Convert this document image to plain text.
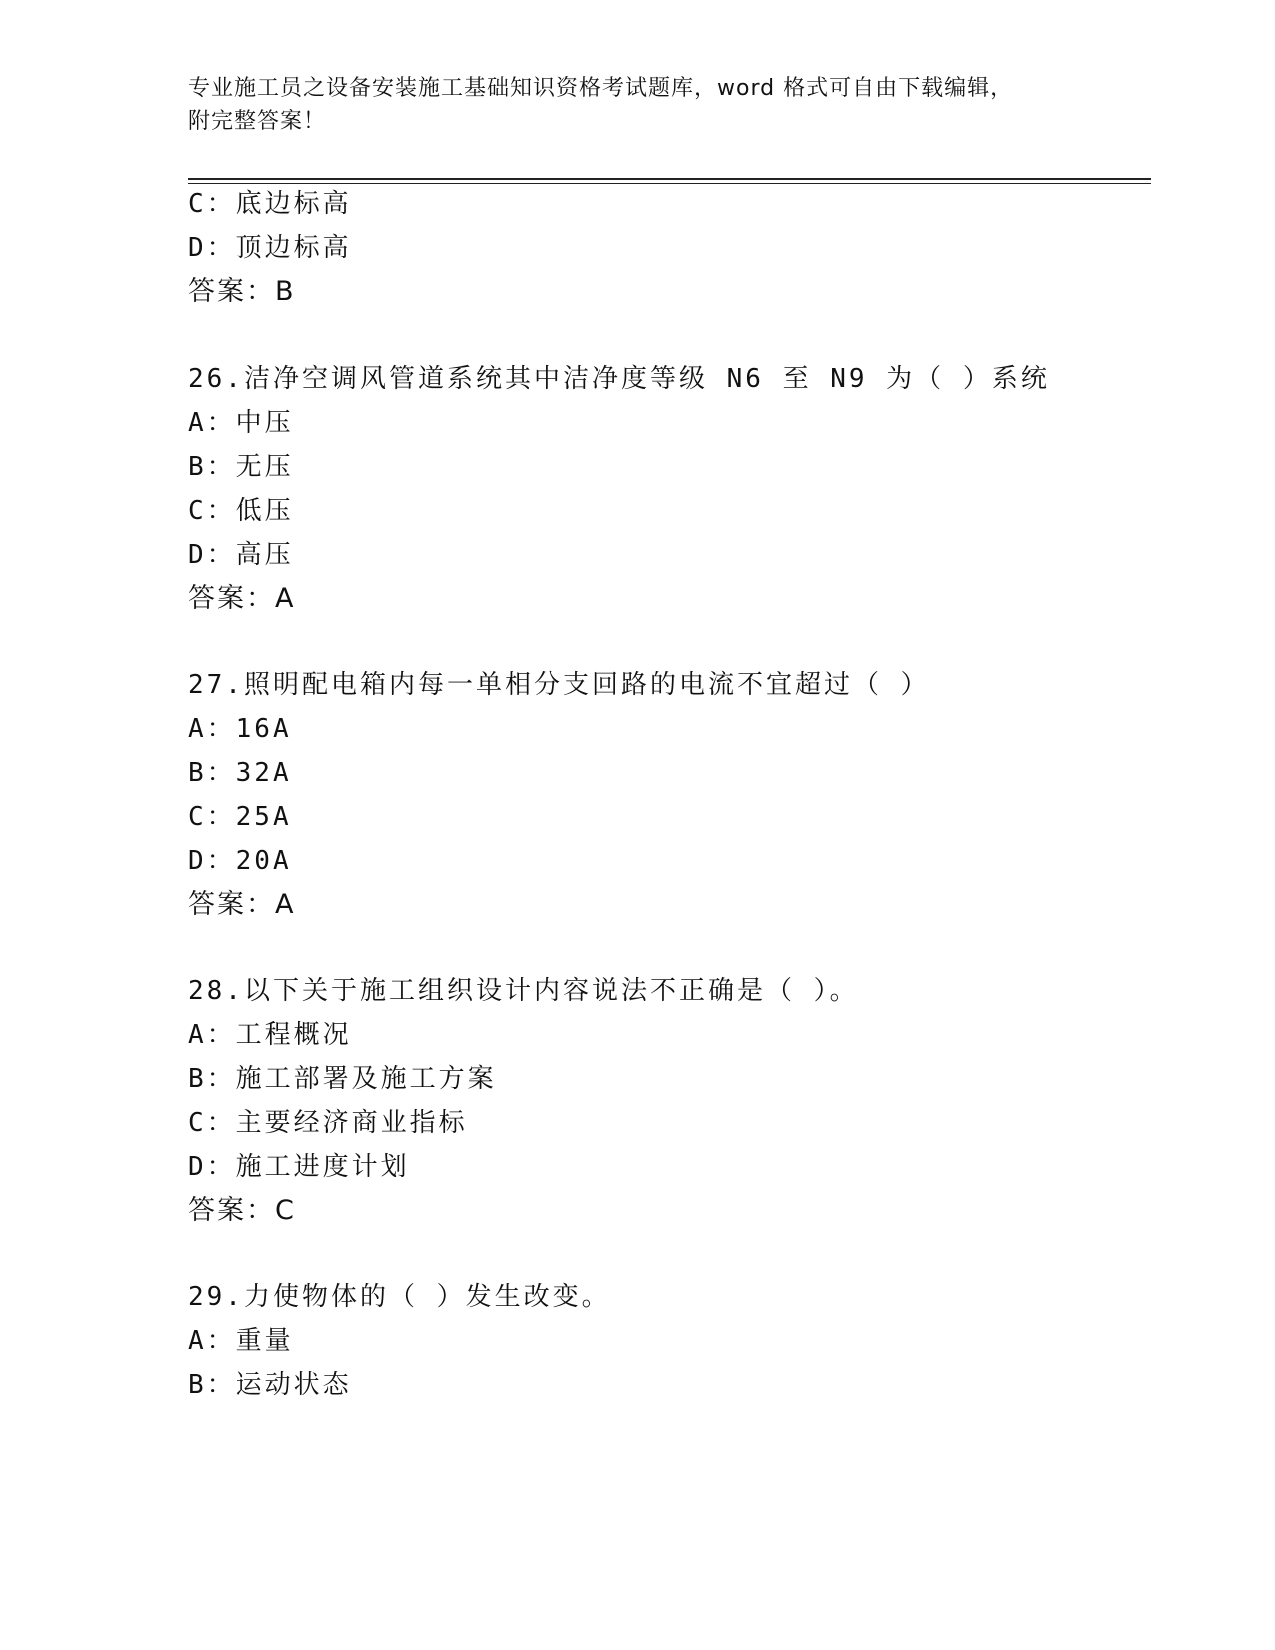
专业施工员之设备安装施工基础知识资格考试题库，word 格式可自由下载编辑，
附完整答案！
C：底边标高
D：顶边标高
答案：B
26.洁净空调风管道系统其中洁净度等级 N6 至 N9 为（ ）系统
A：中压
B：无压
C：低压
D：高压
答案：A
27.照明配电箱内每一单相分支回路的电流不宜超过（ ）
A：16A
B：32A
C：25A
D：20A
答案：A
28.以下关于施工组织设计内容说法不正确是（ ）。
A：工程概况
B：施工部署及施工方案
C：主要经济商业指标
D：施工进度计划
答案：C
29.力使物体的（ ）发生改变。
A：重量
B：运动状态
